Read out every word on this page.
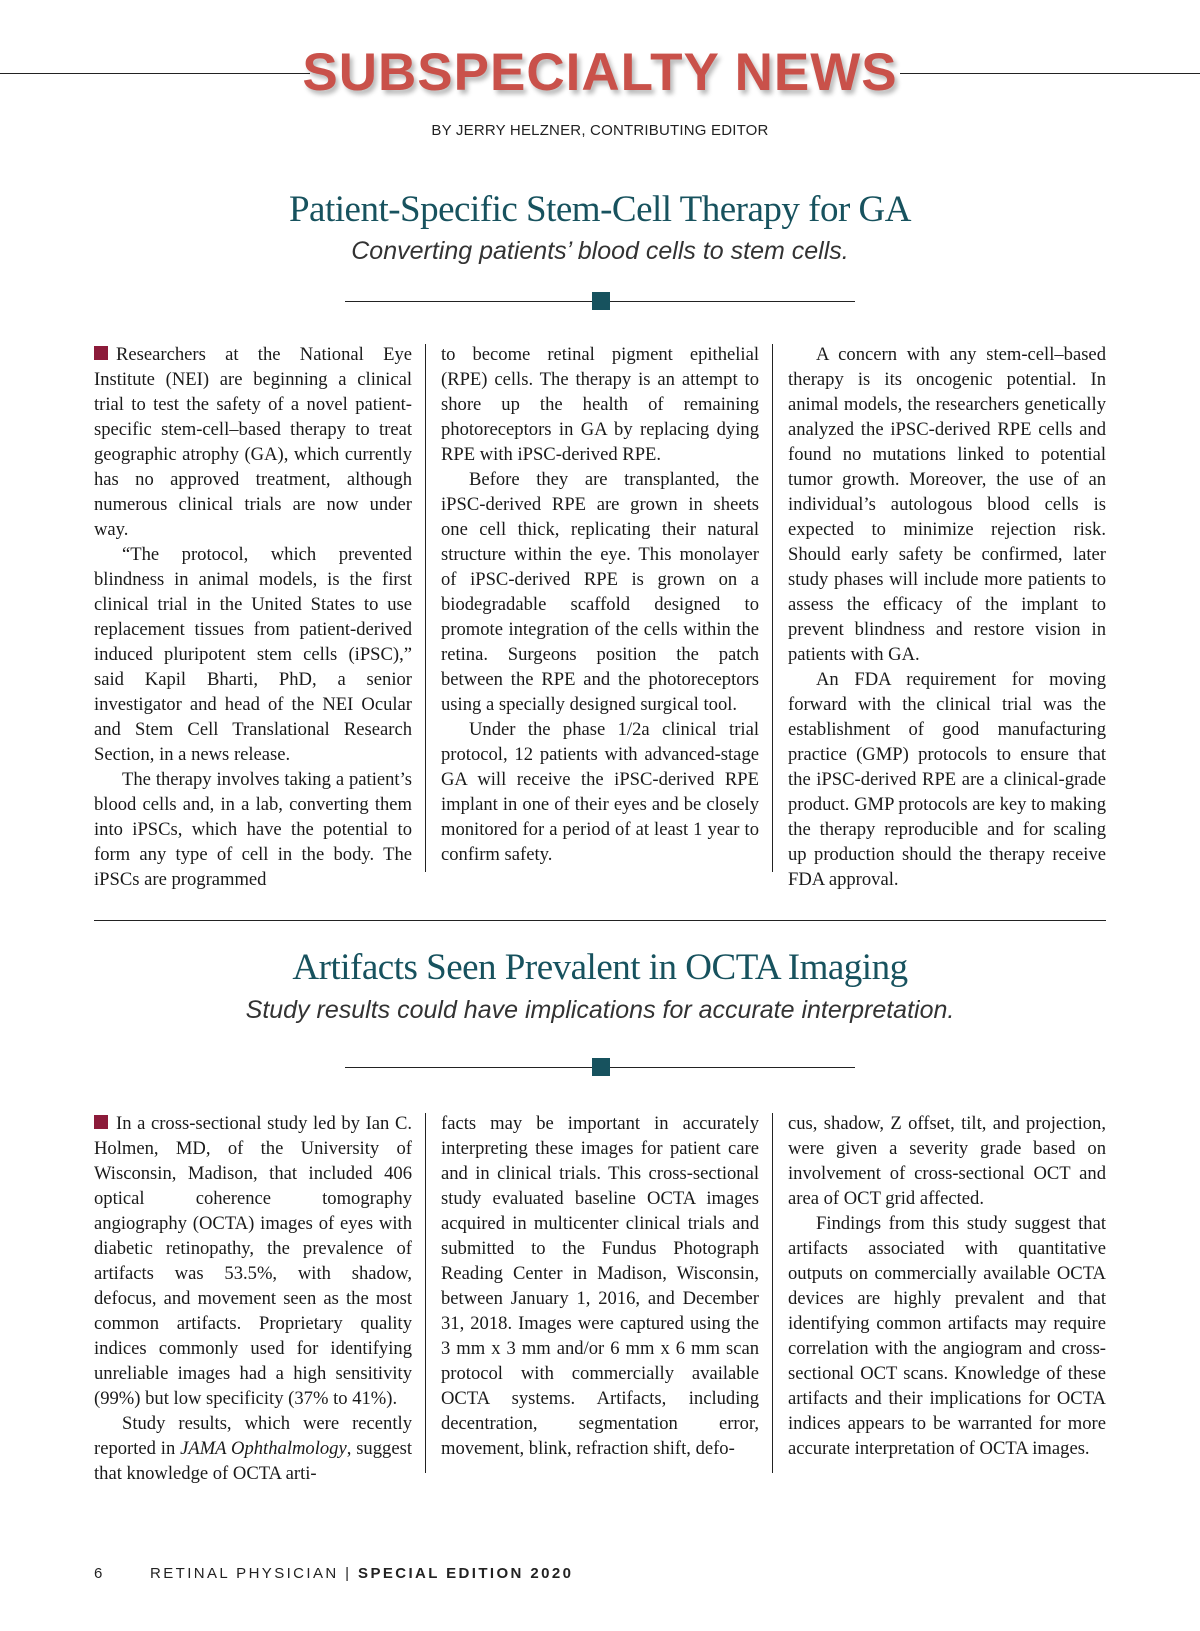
SUBSPECIALTY NEWS
BY JERRY HELZNER, CONTRIBUTING EDITOR
Patient-Specific Stem-Cell Therapy for GA
Converting patients’ blood cells to stem cells.

Researchers at the National Eye Institute (NEI) are beginning a clinical trial to test the safety of a novel patient-specific stem-cell–based therapy to treat geographic atrophy (GA), which currently has no approved treatment, although numerous clinical trials are now under way.

“The protocol, which prevented blindness in animal models, is the first clinical trial in the United States to use replacement tissues from patient-derived induced pluripotent stem cells (iPSC),” said Kapil Bharti, PhD, a senior investigator and head of the NEI Ocular and Stem Cell Translational Research Section, in a news release.

The therapy involves taking a patient’s blood cells and, in a lab, converting them into iPSCs, which have the potential to form any type of cell in the body. The iPSCs are programmed

to become retinal pigment epithelial (RPE) cells. The therapy is an attempt to shore up the health of remaining photoreceptors in GA by replacing dying RPE with iPSC-derived RPE.

Before they are transplanted, the iPSC-derived RPE are grown in sheets one cell thick, replicating their natural structure within the eye. This monolayer of iPSC-derived RPE is grown on a biodegradable scaffold designed to promote integration of the cells within the retina. Surgeons position the patch between the RPE and the photoreceptors using a specially designed surgical tool.

Under the phase 1/2a clinical trial protocol, 12 patients with advanced-stage GA will receive the iPSC-derived RPE implant in one of their eyes and be closely monitored for a period of at least 1 year to confirm safety.

A concern with any stem-cell–based therapy is its oncogenic potential. In animal models, the researchers genetically analyzed the iPSC-derived RPE cells and found no mutations linked to potential tumor growth. Moreover, the use of an individual’s autologous blood cells is expected to minimize rejection risk. Should early safety be confirmed, later study phases will include more patients to assess the efficacy of the implant to prevent blindness and restore vision in patients with GA.

An FDA requirement for moving forward with the clinical trial was the establishment of good manufacturing practice (GMP) protocols to ensure that the iPSC-derived RPE are a clinical-grade product. GMP protocols are key to making the therapy reproducible and for scaling up production should the therapy receive FDA approval.

Artifacts Seen Prevalent in OCTA Imaging
Study results could have implications for accurate interpretation.

In a cross-sectional study led by Ian C. Holmen, MD, of the University of Wisconsin, Madison, that included 406 optical coherence tomography angiography (OCTA) images of eyes with diabetic retinopathy, the prevalence of artifacts was 53.5%, with shadow, defocus, and movement seen as the most common artifacts. Proprietary quality indices commonly used for identifying unreliable images had a high sensitivity (99%) but low specificity (37% to 41%).

Study results, which were recently reported in JAMA Ophthalmology, suggest that knowledge of OCTA arti-

facts may be important in accurately interpreting these images for patient care and in clinical trials. This cross-sectional study evaluated baseline OCTA images acquired in multicenter clinical trials and submitted to the Fundus Photograph Reading Center in Madison, Wisconsin, between January 1, 2016, and December 31, 2018. Images were captured using the 3 mm x 3 mm and/or 6 mm x 6 mm scan protocol with commercially available OCTA systems. Artifacts, including decentration, segmentation error, movement, blink, refraction shift, defo-

cus, shadow, Z offset, tilt, and projection, were given a severity grade based on involvement of cross-sectional OCT and area of OCT grid affected.

Findings from this study suggest that artifacts associated with quantitative outputs on commercially available OCTA devices are highly prevalent and that identifying common artifacts may require correlation with the angiogram and cross-sectional OCT scans. Knowledge of these artifacts and their implications for OCTA indices appears to be warranted for more accurate interpretation of OCTA images.

6	RETINAL PHYSICIAN | SPECIAL EDITION 2020
